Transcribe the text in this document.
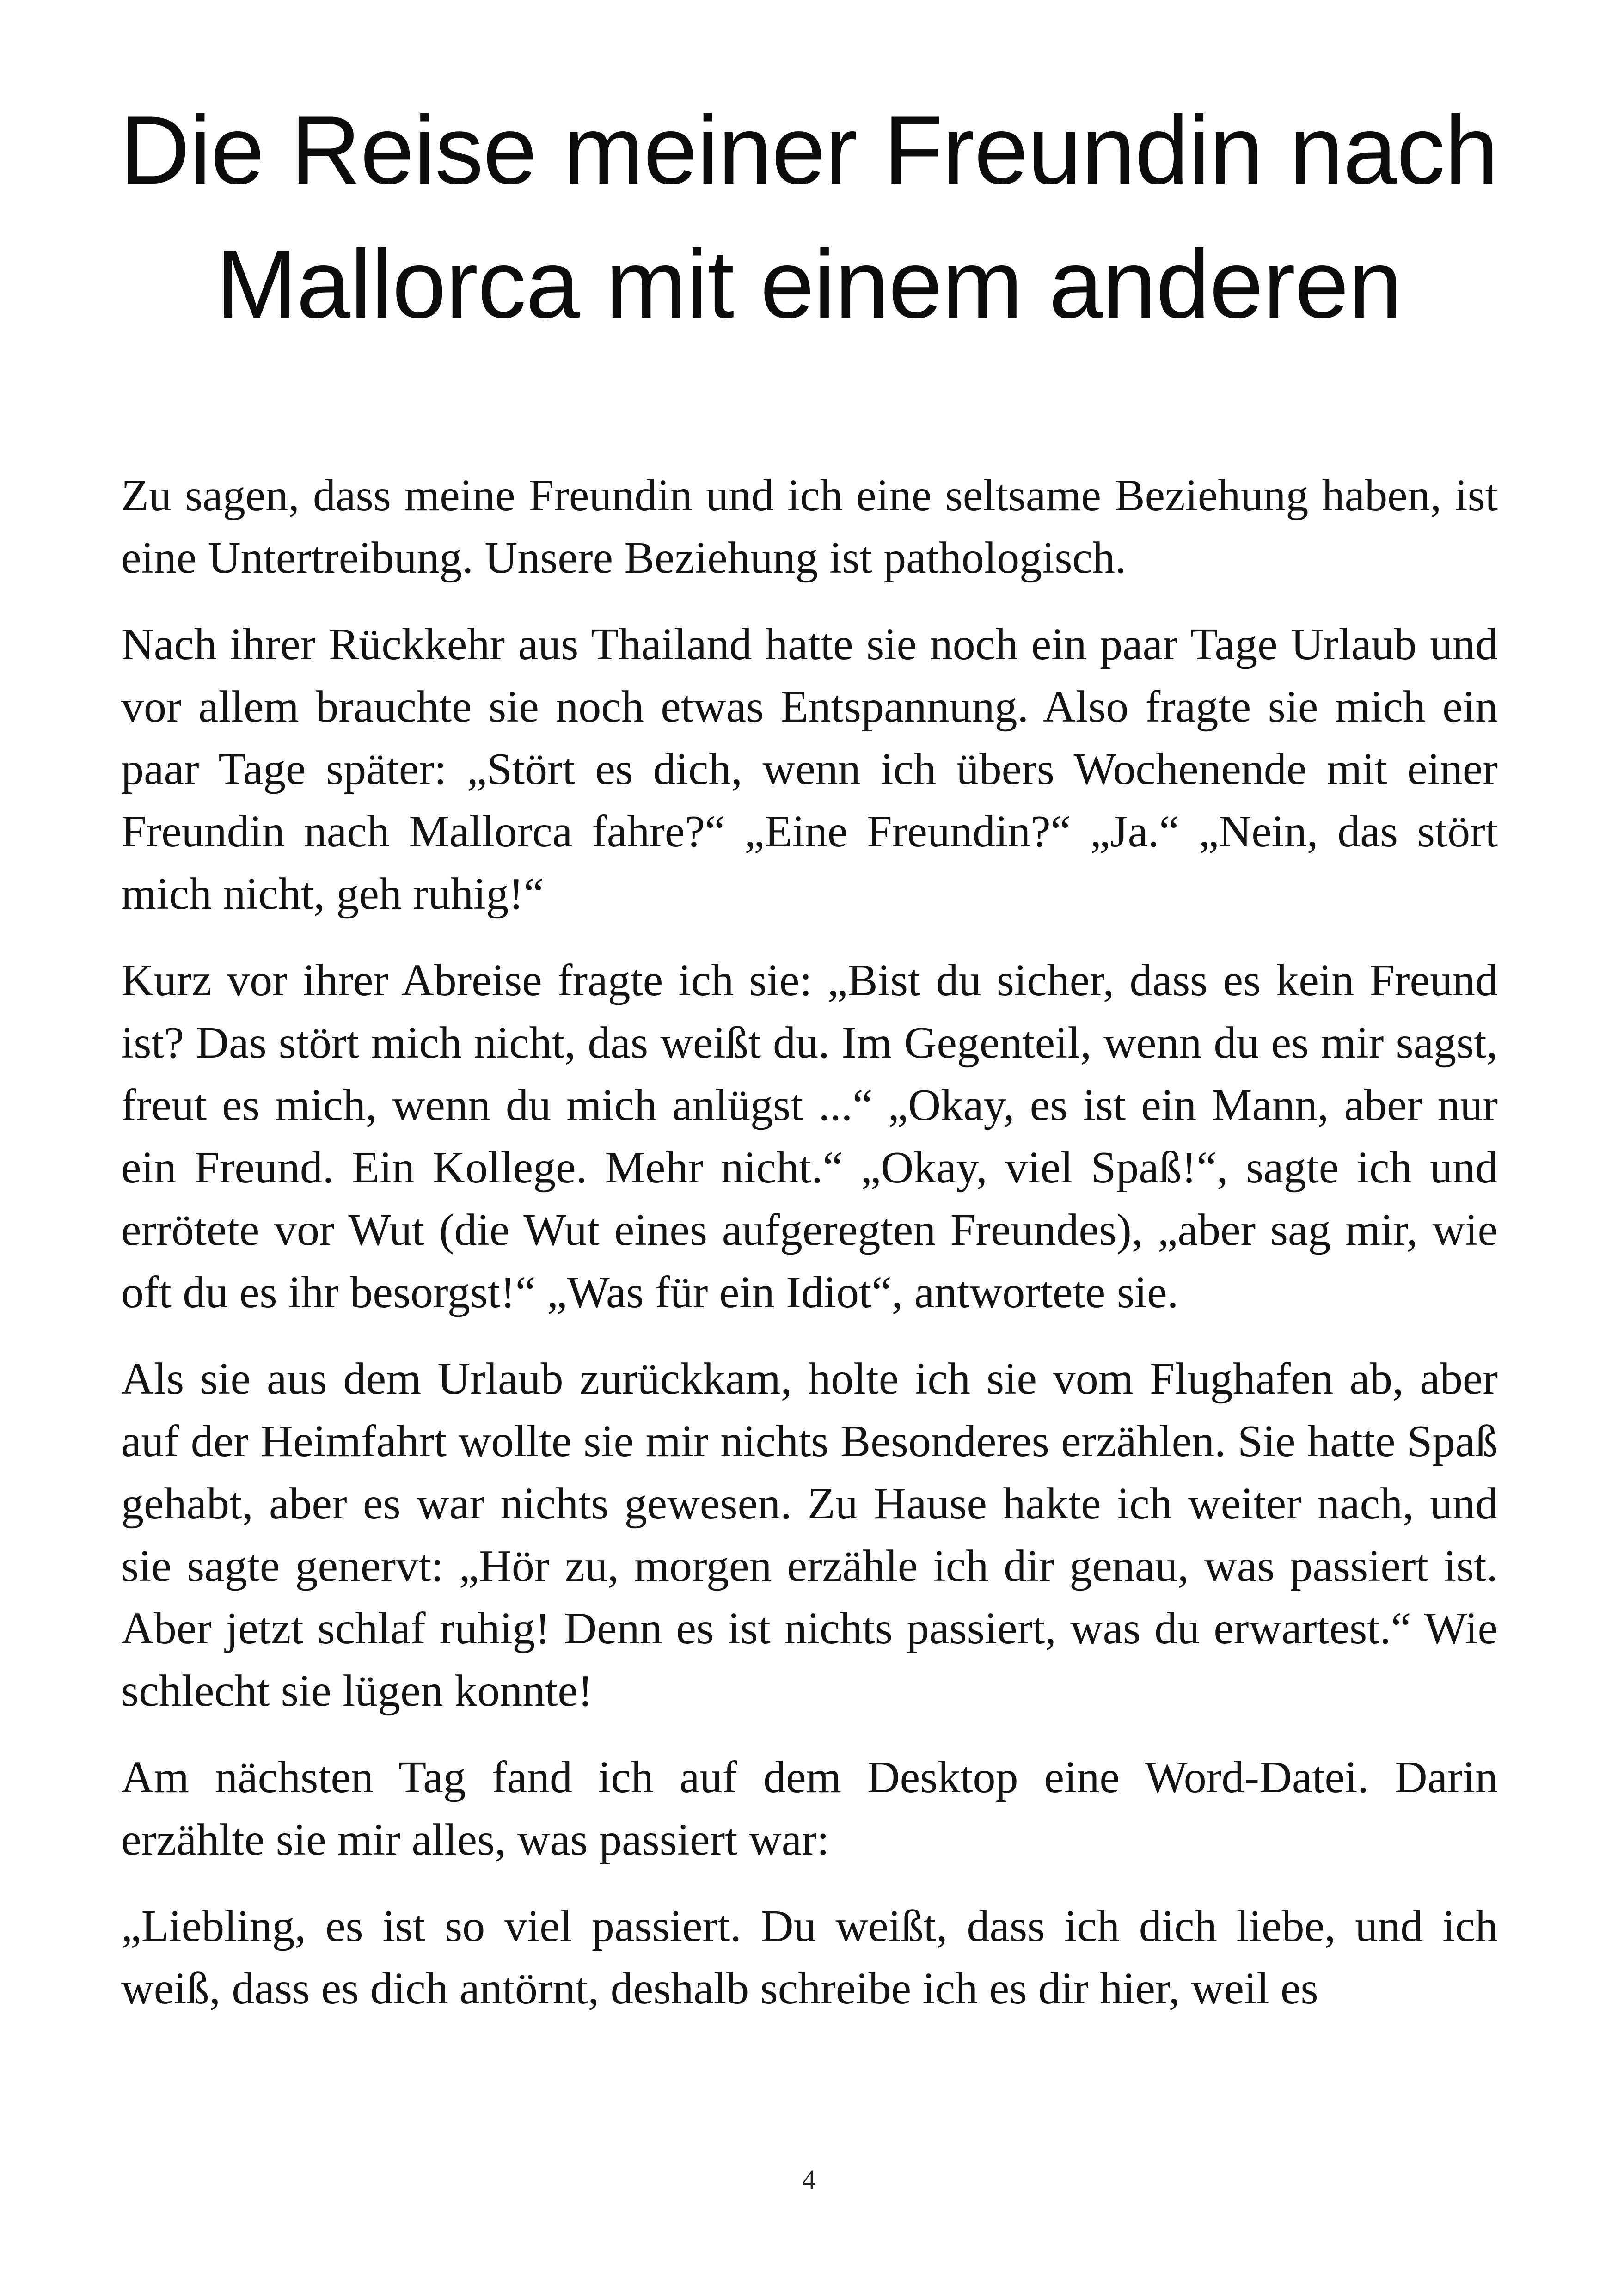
Die Reise meiner Freundin nach
Mallorca mit einem anderen

Zu sagen, dass meine Freundin und ich eine seltsame Beziehung haben, ist eine Untertreibung. Unsere Beziehung ist pathologisch.

Nach ihrer Rückkehr aus Thailand hatte sie noch ein paar Tage Urlaub und vor allem brauchte sie noch etwas Entspannung. Also fragte sie mich ein paar Tage später: „Stört es dich, wenn ich übers Wochenende mit einer Freundin nach Mallorca fahre?“ „Eine Freundin?“ „Ja.“ „Nein, das stört mich nicht, geh ruhig!“

Kurz vor ihrer Abreise fragte ich sie: „Bist du sicher, dass es kein Freund ist? Das stört mich nicht, das weißt du. Im Gegenteil, wenn du es mir sagst, freut es mich, wenn du mich anlügst ...“ „Okay, es ist ein Mann, aber nur ein Freund. Ein Kollege. Mehr nicht.“ „Okay, viel Spaß!“, sagte ich und errötete vor Wut (die Wut eines aufgeregten Freundes), „aber sag mir, wie oft du es ihr besorgst!“ „Was für ein Idiot“, antwortete sie.

Als sie aus dem Urlaub zurückkam, holte ich sie vom Flughafen ab, aber auf der Heimfahrt wollte sie mir nichts Besonderes erzählen. Sie hatte Spaß gehabt, aber es war nichts gewesen. Zu Hause hakte ich weiter nach, und sie sagte genervt: „Hör zu, morgen erzähle ich dir genau, was passiert ist. Aber jetzt schlaf ruhig! Denn es ist nichts passiert, was du erwartest.“ Wie schlecht sie lügen konnte!

Am nächsten Tag fand ich auf dem Desktop eine Word-Datei. Darin erzählte sie mir alles, was passiert war:

„Liebling, es ist so viel passiert. Du weißt, dass ich dich liebe, und ich weiß, dass es dich antörnt, deshalb schreibe ich es dir hier, weil es

4
